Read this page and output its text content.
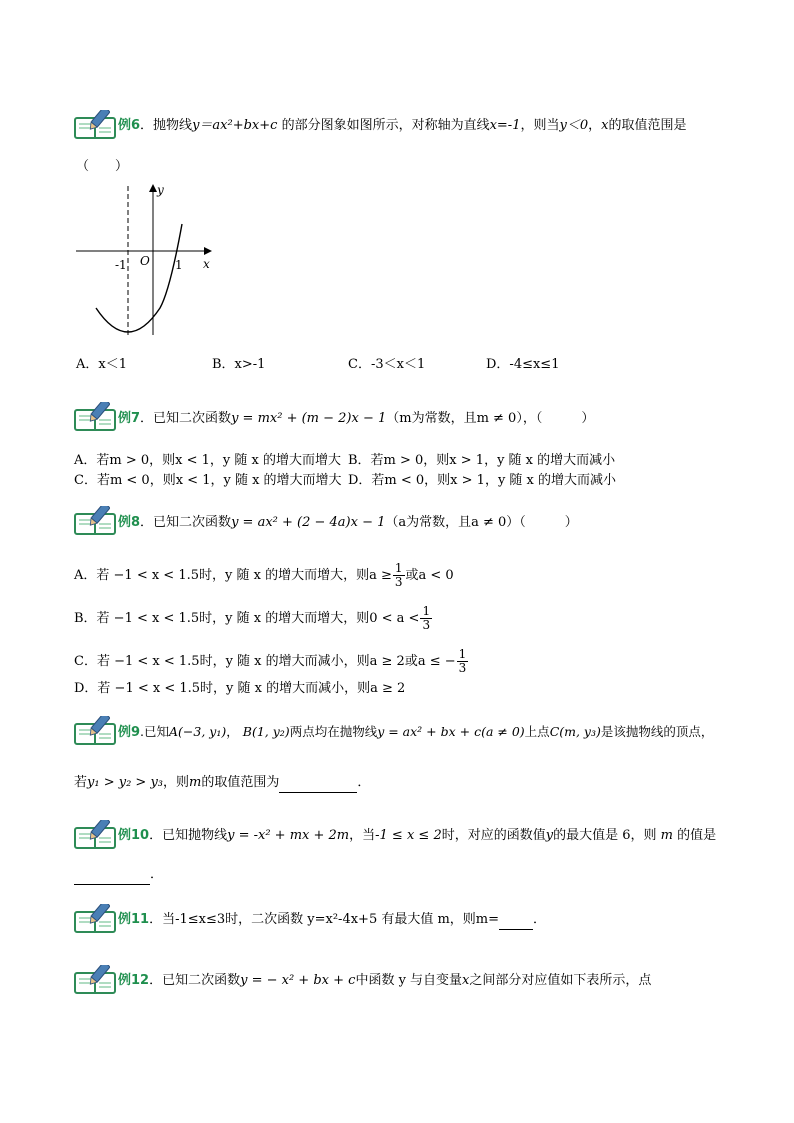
例6．抛物线y＝ax²+bx+c 的部分图象如图所示，对称轴为直线x=-1，则当y＜0，x的取值范围是
（　　）
y
x
O
-1	1
A．x＜1	B．x>-1	C．-3＜x＜1	D．-4≤x≤1
例7．已知二次函数y = mx² + (m − 2)x − 1（m为常数，且m ≠ 0），（　　　）
A．若m > 0，则x < 1，y 随 x 的增大而增大 B．若m > 0，则x > 1，y 随 x 的增大而减小
C．若m < 0，则x < 1，y 随 x 的增大而增大 D．若m < 0，则x > 1，y 随 x 的增大而减小
例8．已知二次函数y = ax² + (2 − 4a)x − 1（a为常数，且a ≠ 0）（　　　）
A．若 −1 < x < 1.5时，y 随 x 的增大而增大，则$a \ge \frac{1}{3}$ 或a < 0
B．若 −1 < x < 1.5时，y 随 x 的增大而增大，则$0 < a < \frac{1}{3}$
C．若 −1 < x < 1.5时，y 随 x 的增大而减小，则a ≥ 2或a ≤ − $\frac{1}{3}$
D．若 −1 < x < 1.5时，y 随 x 的增大而减小，则a ≥ 2
例9.已知A(−3, y₁)， B(1, y₂)两点均在抛物线y = ax² + bx + c(a ≠ 0)上点C(m, y₃)是该抛物线的顶点，
若y₁ > y₂ > y₃，则m的取值范围为	．
例10．已知抛物线y = -x² + mx + 2m，当-1 ≤ x ≤ 2时，对应的函数值y的最大值是 6，则 m 的值是
．
例11．当-1≤x≤3时，二次函数 y=x²-4x+5 有最大值 m，则m=	．
例12．已知二次函数y = − x² + bx + c中函数 y 与自变量x之间部分对应值如下表所示，点
